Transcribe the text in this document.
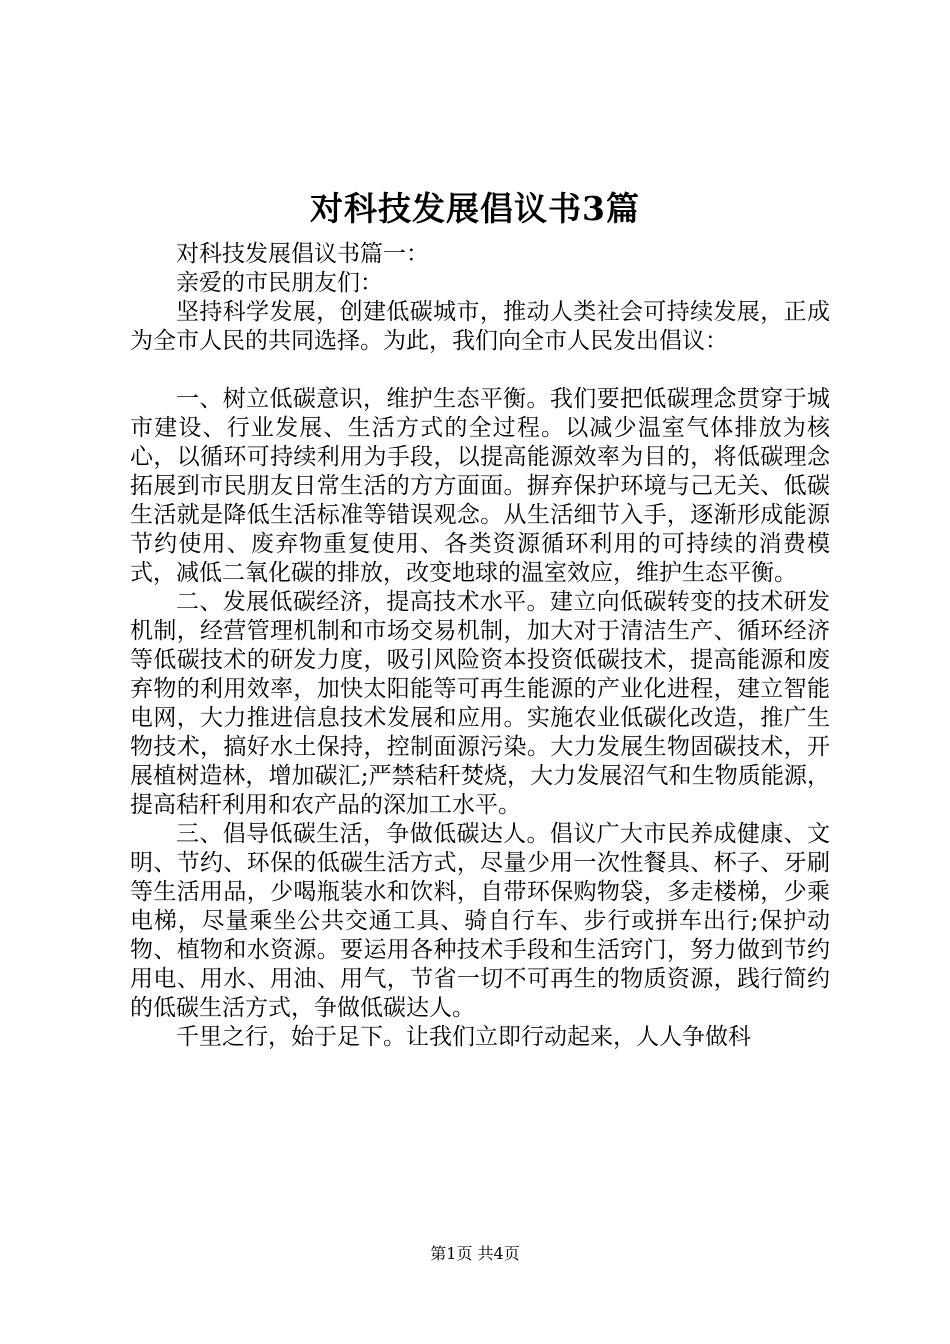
对科技发展倡议书3篇

对科技发展倡议书篇一：

亲爱的市民朋友们：

坚持科学发展，创建低碳城市，推动人类社会可持续发展，正成为全市人民的共同选择。为此，我们向全市人民发出倡议：

一、树立低碳意识，维护生态平衡。我们要把低碳理念贯穿于城市建设、行业发展、生活方式的全过程。以减少温室气体排放为核心，以循环可持续利用为手段，以提高能源效率为目的，将低碳理念拓展到市民朋友日常生活的方方面面。摒弃保护环境与己无关、低碳生活就是降低生活标准等错误观念。从生活细节入手，逐渐形成能源节约使用、废弃物重复使用、各类资源循环利用的可持续的消费模式，减低二氧化碳的排放，改变地球的温室效应，维护生态平衡。

二、发展低碳经济，提高技术水平。建立向低碳转变的技术研发机制，经营管理机制和市场交易机制，加大对于清洁生产、循环经济等低碳技术的研发力度，吸引风险资本投资低碳技术，提高能源和废弃物的利用效率，加快太阳能等可再生能源的产业化进程，建立智能电网，大力推进信息技术发展和应用。实施农业低碳化改造，推广生物技术，搞好水土保持，控制面源污染。大力发展生物固碳技术，开展植树造林，增加碳汇;严禁秸秆焚烧，大力发展沼气和生物质能源，提高秸秆利用和农产品的深加工水平。

三、倡导低碳生活，争做低碳达人。倡议广大市民养成健康、文明、节约、环保的低碳生活方式，尽量少用一次性餐具、杯子、牙刷等生活用品，少喝瓶装水和饮料，自带环保购物袋，多走楼梯，少乘电梯，尽量乘坐公共交通工具、骑自行车、步行或拼车出行;保护动物、植物和水资源。要运用各种技术手段和生活窍门，努力做到节约用电、用水、用油、用气，节省一切不可再生的物质资源，践行简约的低碳生活方式，争做低碳达人。

千里之行，始于足下。让我们立即行动起来，人人争做科

第1页 共4页
